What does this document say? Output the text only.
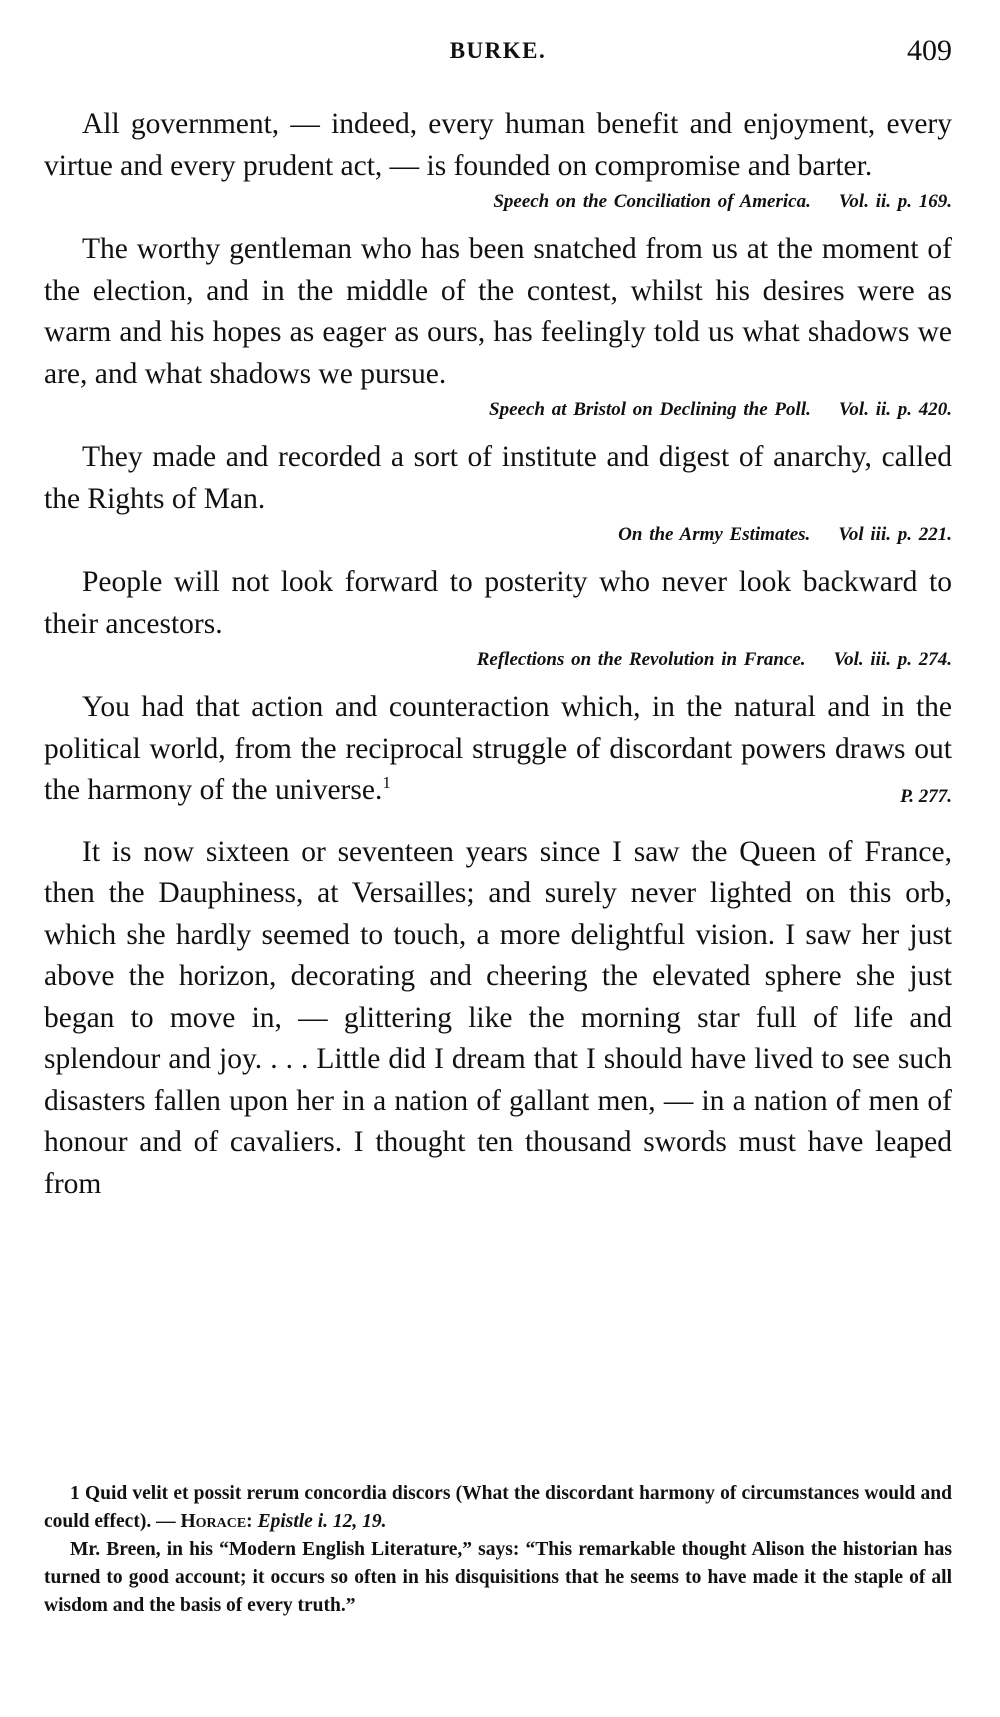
BURKE.	409

All government, — indeed, every human benefit and enjoyment, every virtue and every prudent act, — is founded on compromise and barter.

Speech on the Conciliation of America. Vol. ii. p. 169.

The worthy gentleman who has been snatched from us at the moment of the election, and in the middle of the contest, whilst his desires were as warm and his hopes as eager as ours, has feelingly told us what shadows we are, and what shadows we pursue.

Speech at Bristol on Declining the Poll. Vol. ii. p. 420.

They made and recorded a sort of institute and digest of anarchy, called the Rights of Man.

On the Army Estimates. Vol iii. p. 221.

People will not look forward to posterity who never look backward to their ancestors.

Reflections on the Revolution in France. Vol. iii. p. 274.

You had that action and counteraction which, in the natural and in the political world, from the reciprocal struggle of discordant powers draws out the harmony of the universe.$^1$
P. 277.

It is now sixteen or seventeen years since I saw the Queen of France, then the Dauphiness, at Versailles; and surely never lighted on this orb, which she hardly seemed to touch, a more delightful vision. I saw her just above the horizon, decorating and cheering the elevated sphere she just began to move in, — glittering like the morning star full of life and splendour and joy. . . . Little did I dream that I should have lived to see such disasters fallen upon her in a nation of gallant men, — in a nation of men of honour and of cavaliers. I thought ten thousand swords must have leaped from

1 Quid velit et possit rerum concordia discors (What the discordant harmony of circumstances would and could effect). — Horace: Epistle i. 12, 19.

Mr. Breen, in his “Modern English Literature,” says: “This remarkable thought Alison the historian has turned to good account; it occurs so often in his disquisitions that he seems to have made it the staple of all wisdom and the basis of every truth.”
